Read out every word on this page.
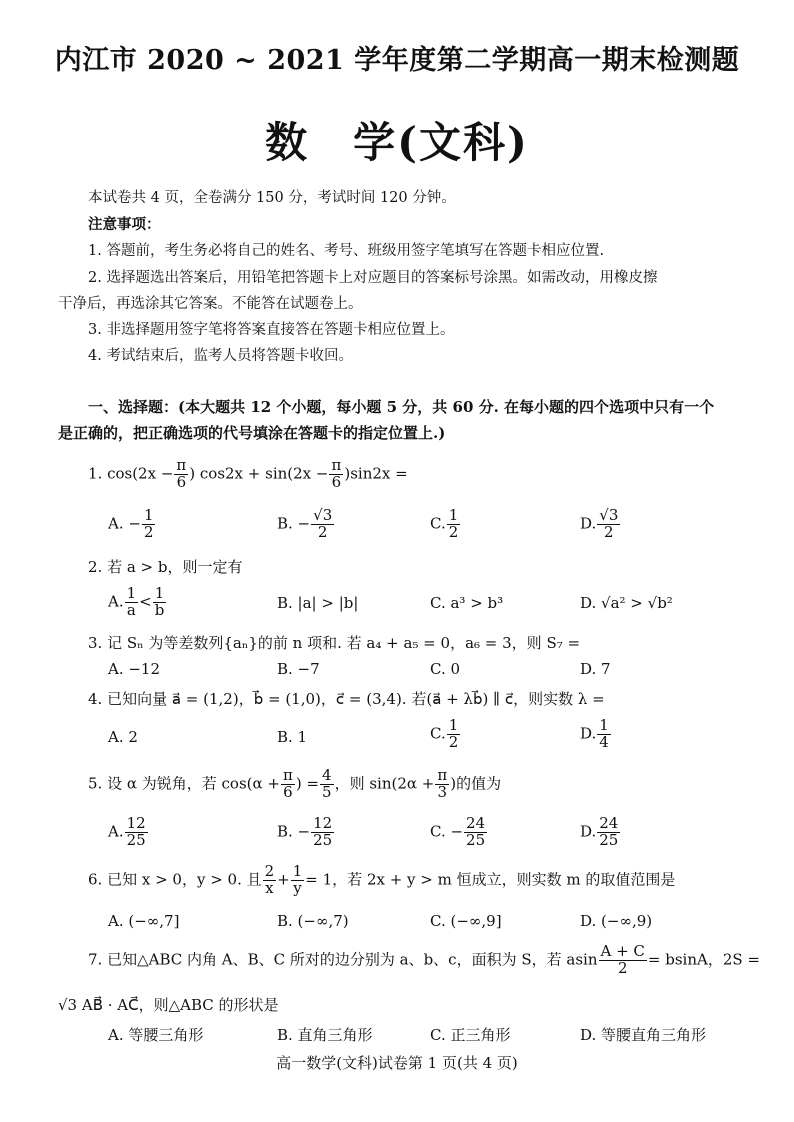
内江市 2020 ~ 2021 学年度第二学期高一期末检测题
数　学(文科)
本试卷共 4 页，全卷满分 150 分，考试时间 120 分钟。
注意事项：
1. 答题前，考生务必将自己的姓名、考号、班级用签字笔填写在答题卡相应位置.
2. 选择题选出答案后，用铅笔把答题卡上对应题目的答案标号涂黑。如需改动，用橡皮擦
干净后，再选涂其它答案。不能答在试题卷上。
3. 非选择题用签字笔将答案直接答在答题卡相应位置上。
4. 考试结束后，监考人员将答题卡收回。
一、选择题：(本大题共 12 个小题，每小题 5 分，共 60 分. 在每小题的四个选项中只有一个
是正确的，把正确选项的代号填涂在答题卡的指定位置上.)
1. $\cos(2x - \frac{\pi}{6}$ ) $\cos 2x + \sin(2x - \frac{\pi}{6} )\sin 2x$ =
A. − $\frac{1}{2}$	B. − $\frac{√3}{2}$	C. $\frac{1}{2}$	D. $\frac{√3}{2}$
2. 若 a > b，则一定有
A. $\frac{1}{a} < \frac{1}{b}$	B. |a| > |b|	C. a³ > b³	D. √a² > √b²
3. 记 Sₙ 为等差数列{aₙ}的前 n 项和. 若 a₄ + a₅ = 0，a₆ = 3，则 S₇ =
A. −12	B. −7	C. 0	D. 7
4. 已知向量 a⃗ = (1,2)，b⃗ = (1,0)，c⃗ = (3,4). 若(a⃗ + λb⃗) ∥ c⃗，则实数 λ =
A. 2	B. 1	C. $\frac{1}{2}$	D. $\frac{1}{4}$
5. 设 α 为锐角，若 $\cos(\alpha + \frac{\pi}{6}$ ) = $\frac{4}{5}$ ，则 $\sin(2\alpha + \frac{\pi}{3}$ )的值为
A. $\frac{12}{25}$	B. − $\frac{12}{25}$	C. − $\frac{24}{25}$	D. $\frac{24}{25}$
6. 已知 x > 0，y > 0. 且 $\frac{2}{x} + \frac{1}{y} = 1$，若 2x + y > m 恒成立，则实数 m 的取值范围是
A. (−∞,7]	B. (−∞,7)	C. (−∞,9]	D. (−∞,9)
7. 已知△ABC 内角 A、B、C 所对的边分别为 a、b、c，面积为 S，若 asin $\frac{A + C}{2} = bsinA$，2S =
√3 AB⃗ · AC⃗，则△ABC 的形状是
A. 等腰三角形	B. 直角三角形	C. 正三角形	D. 等腰直角三角形
高一数学(文科)试卷第 1 页(共 4 页)
